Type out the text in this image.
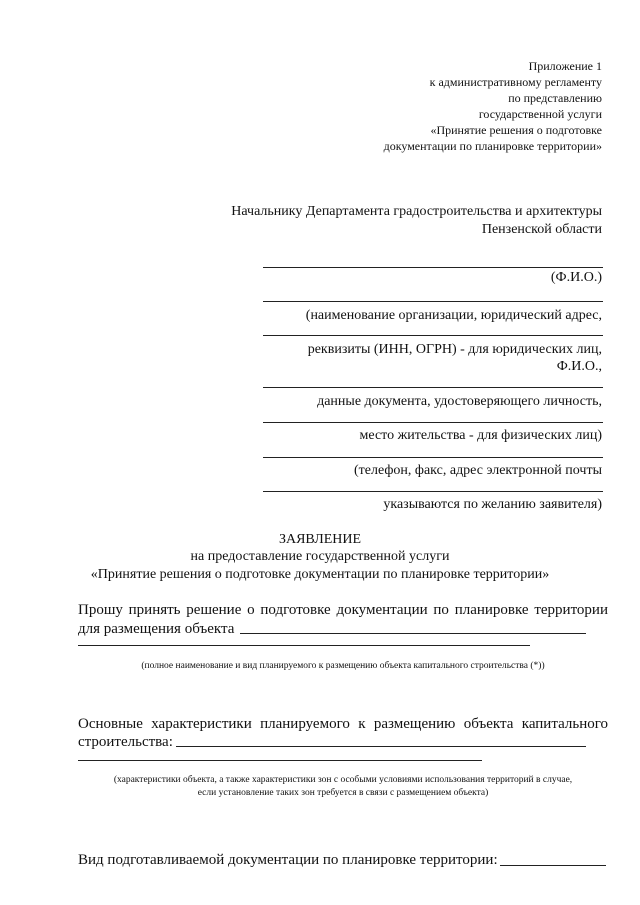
Приложение 1
к административному регламенту
по представлению
государственной услуги
«Принятие решения о подготовке
документации по планировке территории»
Начальнику Департамента градостроительства и архитектуры
Пензенской области
(Ф.И.О.)
(наименование организации, юридический адрес,
реквизиты (ИНН, ОГРН) - для юридических лиц,
Ф.И.О.,
данные документа, удостоверяющего личность,
место жительства - для физических лиц)
(телефон, факс, адрес электронной почты
указываются по желанию заявителя)
ЗАЯВЛЕНИЕ
на предоставление государственной услуги
«Принятие решения о подготовке документации по планировке территории»
Прошу принять решение о подготовке документации по планировке территории
для размещения объекта
(полное наименование и вид планируемого к размещению объекта капитального строительства (*))
Основные характеристики планируемого к размещению объекта капитального
строительства:
(характеристики объекта, а также характеристики зон с особыми условиями использования территорий в случае,
если установление таких зон требуется в связи с размещением объекта)
Вид подготавливаемой документации по планировке территории:
